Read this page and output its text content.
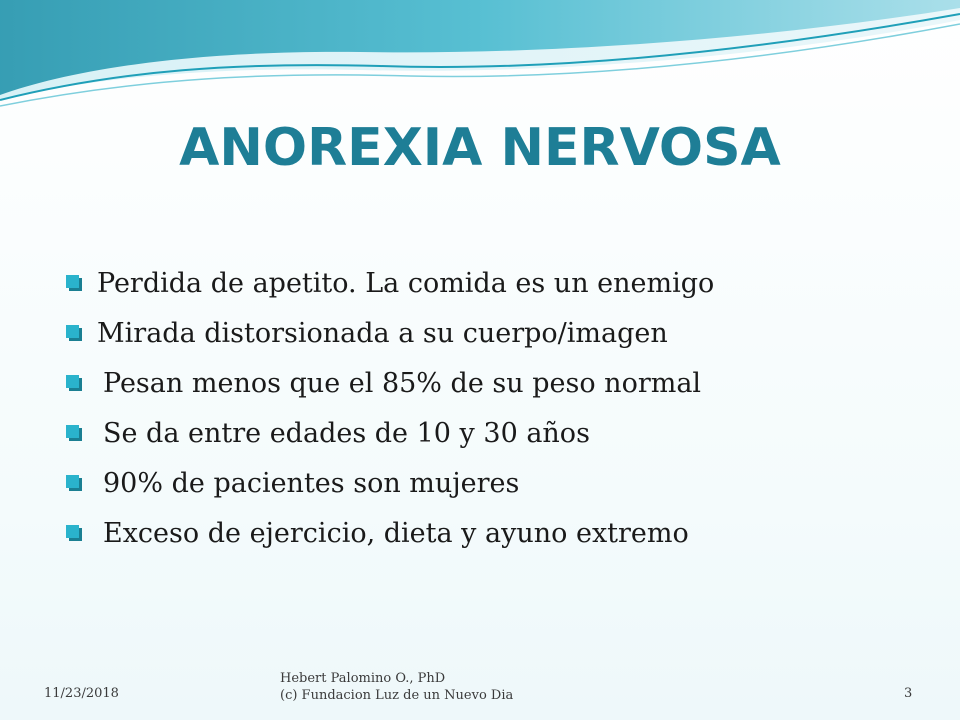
ANOREXIA NERVOSA
Perdida de apetito. La comida es un enemigo
Mirada distorsionada a su cuerpo/imagen
Pesan menos que el 85% de su peso normal
Se da entre edades de 10 y 30 años
90% de pacientes son mujeres
Exceso de ejercicio, dieta y ayuno extremo
11/23/2018
Hebert Palomino O., PhD
(c) Fundacion Luz de un Nuevo Dia	3
